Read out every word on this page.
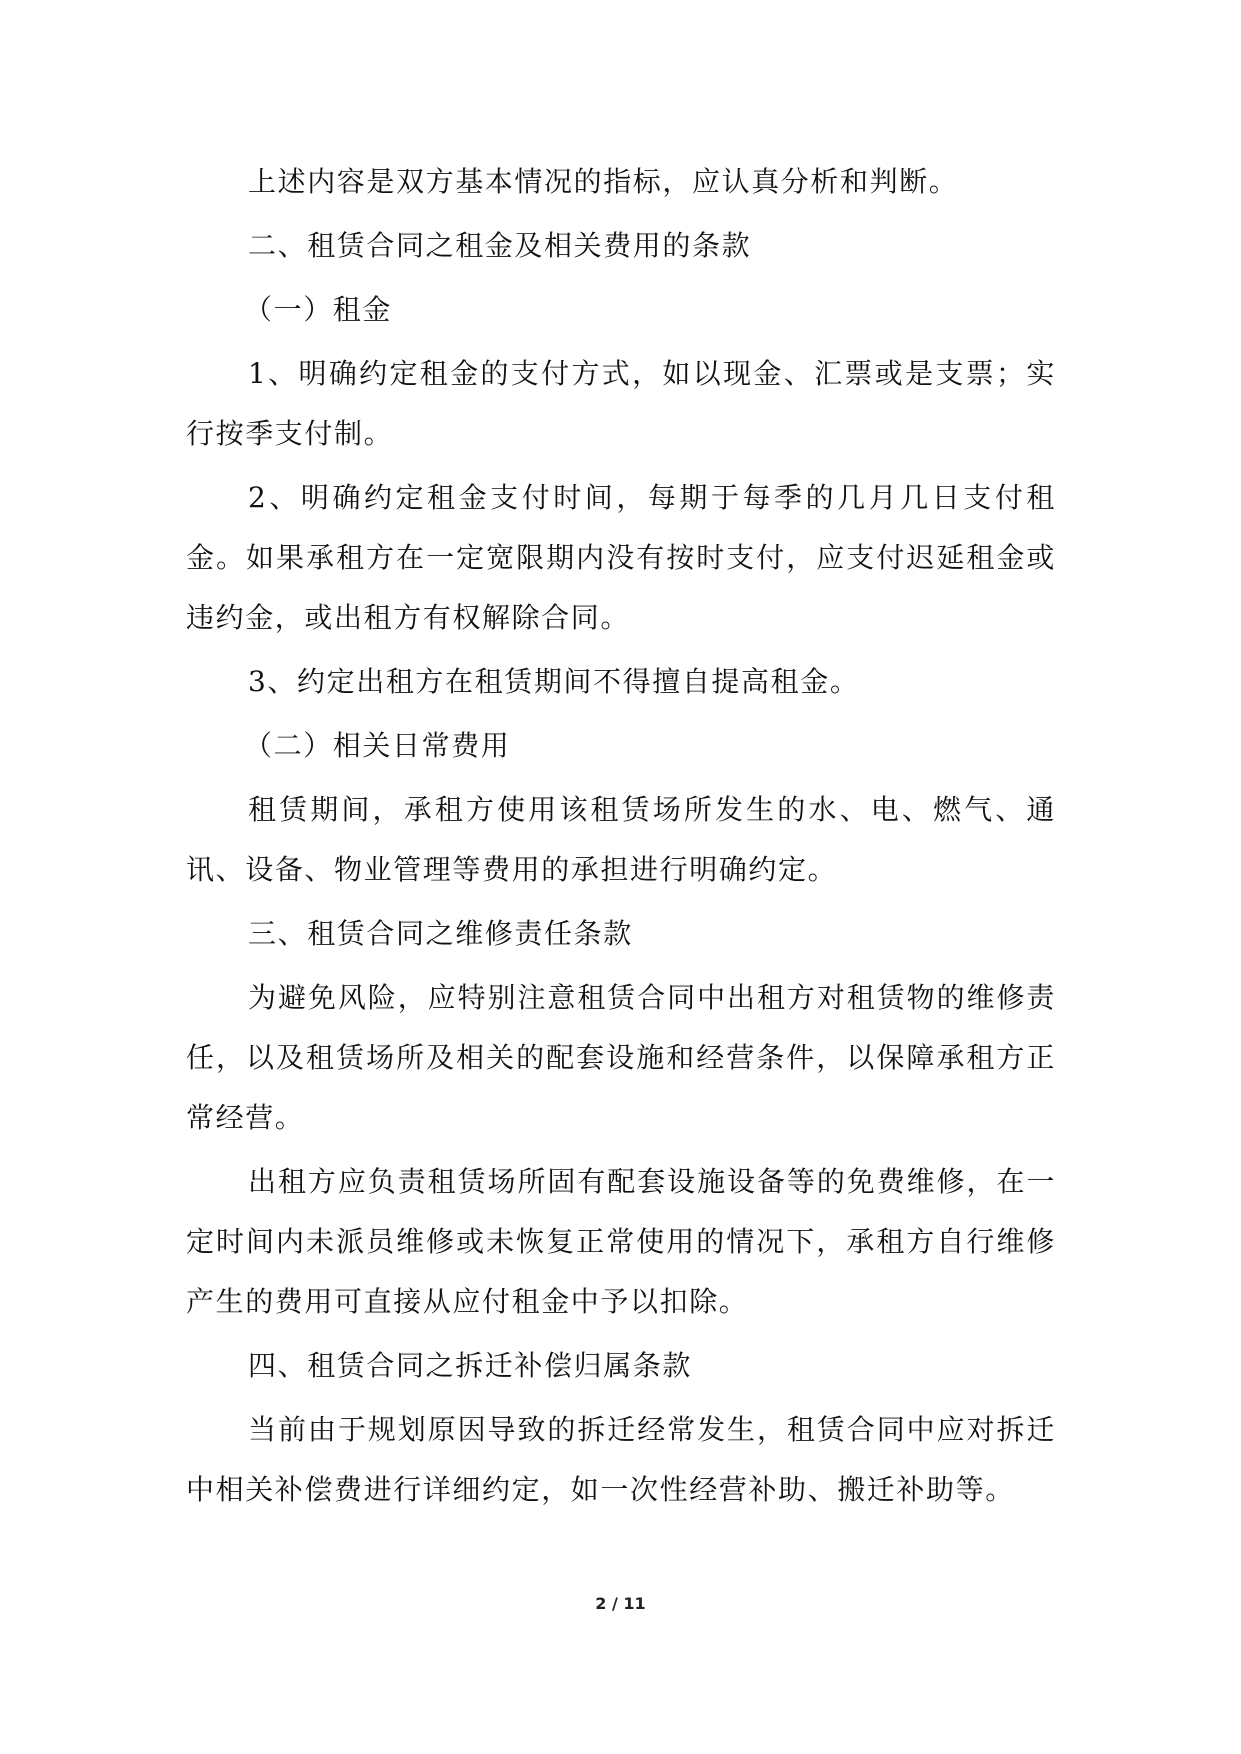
上述内容是双方基本情况的指标，应认真分析和判断。

二、租赁合同之租金及相关费用的条款

（一）租金

1、明确约定租金的支付方式，如以现金、汇票或是支票；实行按季支付制。

2、明确约定租金支付时间，每期于每季的几月几日支付租金。如果承租方在一定宽限期内没有按时支付，应支付迟延租金或违约金，或出租方有权解除合同。

3、约定出租方在租赁期间不得擅自提高租金。

（二）相关日常费用

租赁期间，承租方使用该租赁场所发生的水、电、燃气、通讯、设备、物业管理等费用的承担进行明确约定。

三、租赁合同之维修责任条款

为避免风险，应特别注意租赁合同中出租方对租赁物的维修责任，以及租赁场所及相关的配套设施和经营条件，以保障承租方正常经营。

出租方应负责租赁场所固有配套设施设备等的免费维修，在一定时间内未派员维修或未恢复正常使用的情况下，承租方自行维修产生的费用可直接从应付租金中予以扣除。

四、租赁合同之拆迁补偿归属条款

当前由于规划原因导致的拆迁经常发生，租赁合同中应对拆迁中相关补偿费进行详细约定，如一次性经营补助、搬迁补助等。

2 / 11
